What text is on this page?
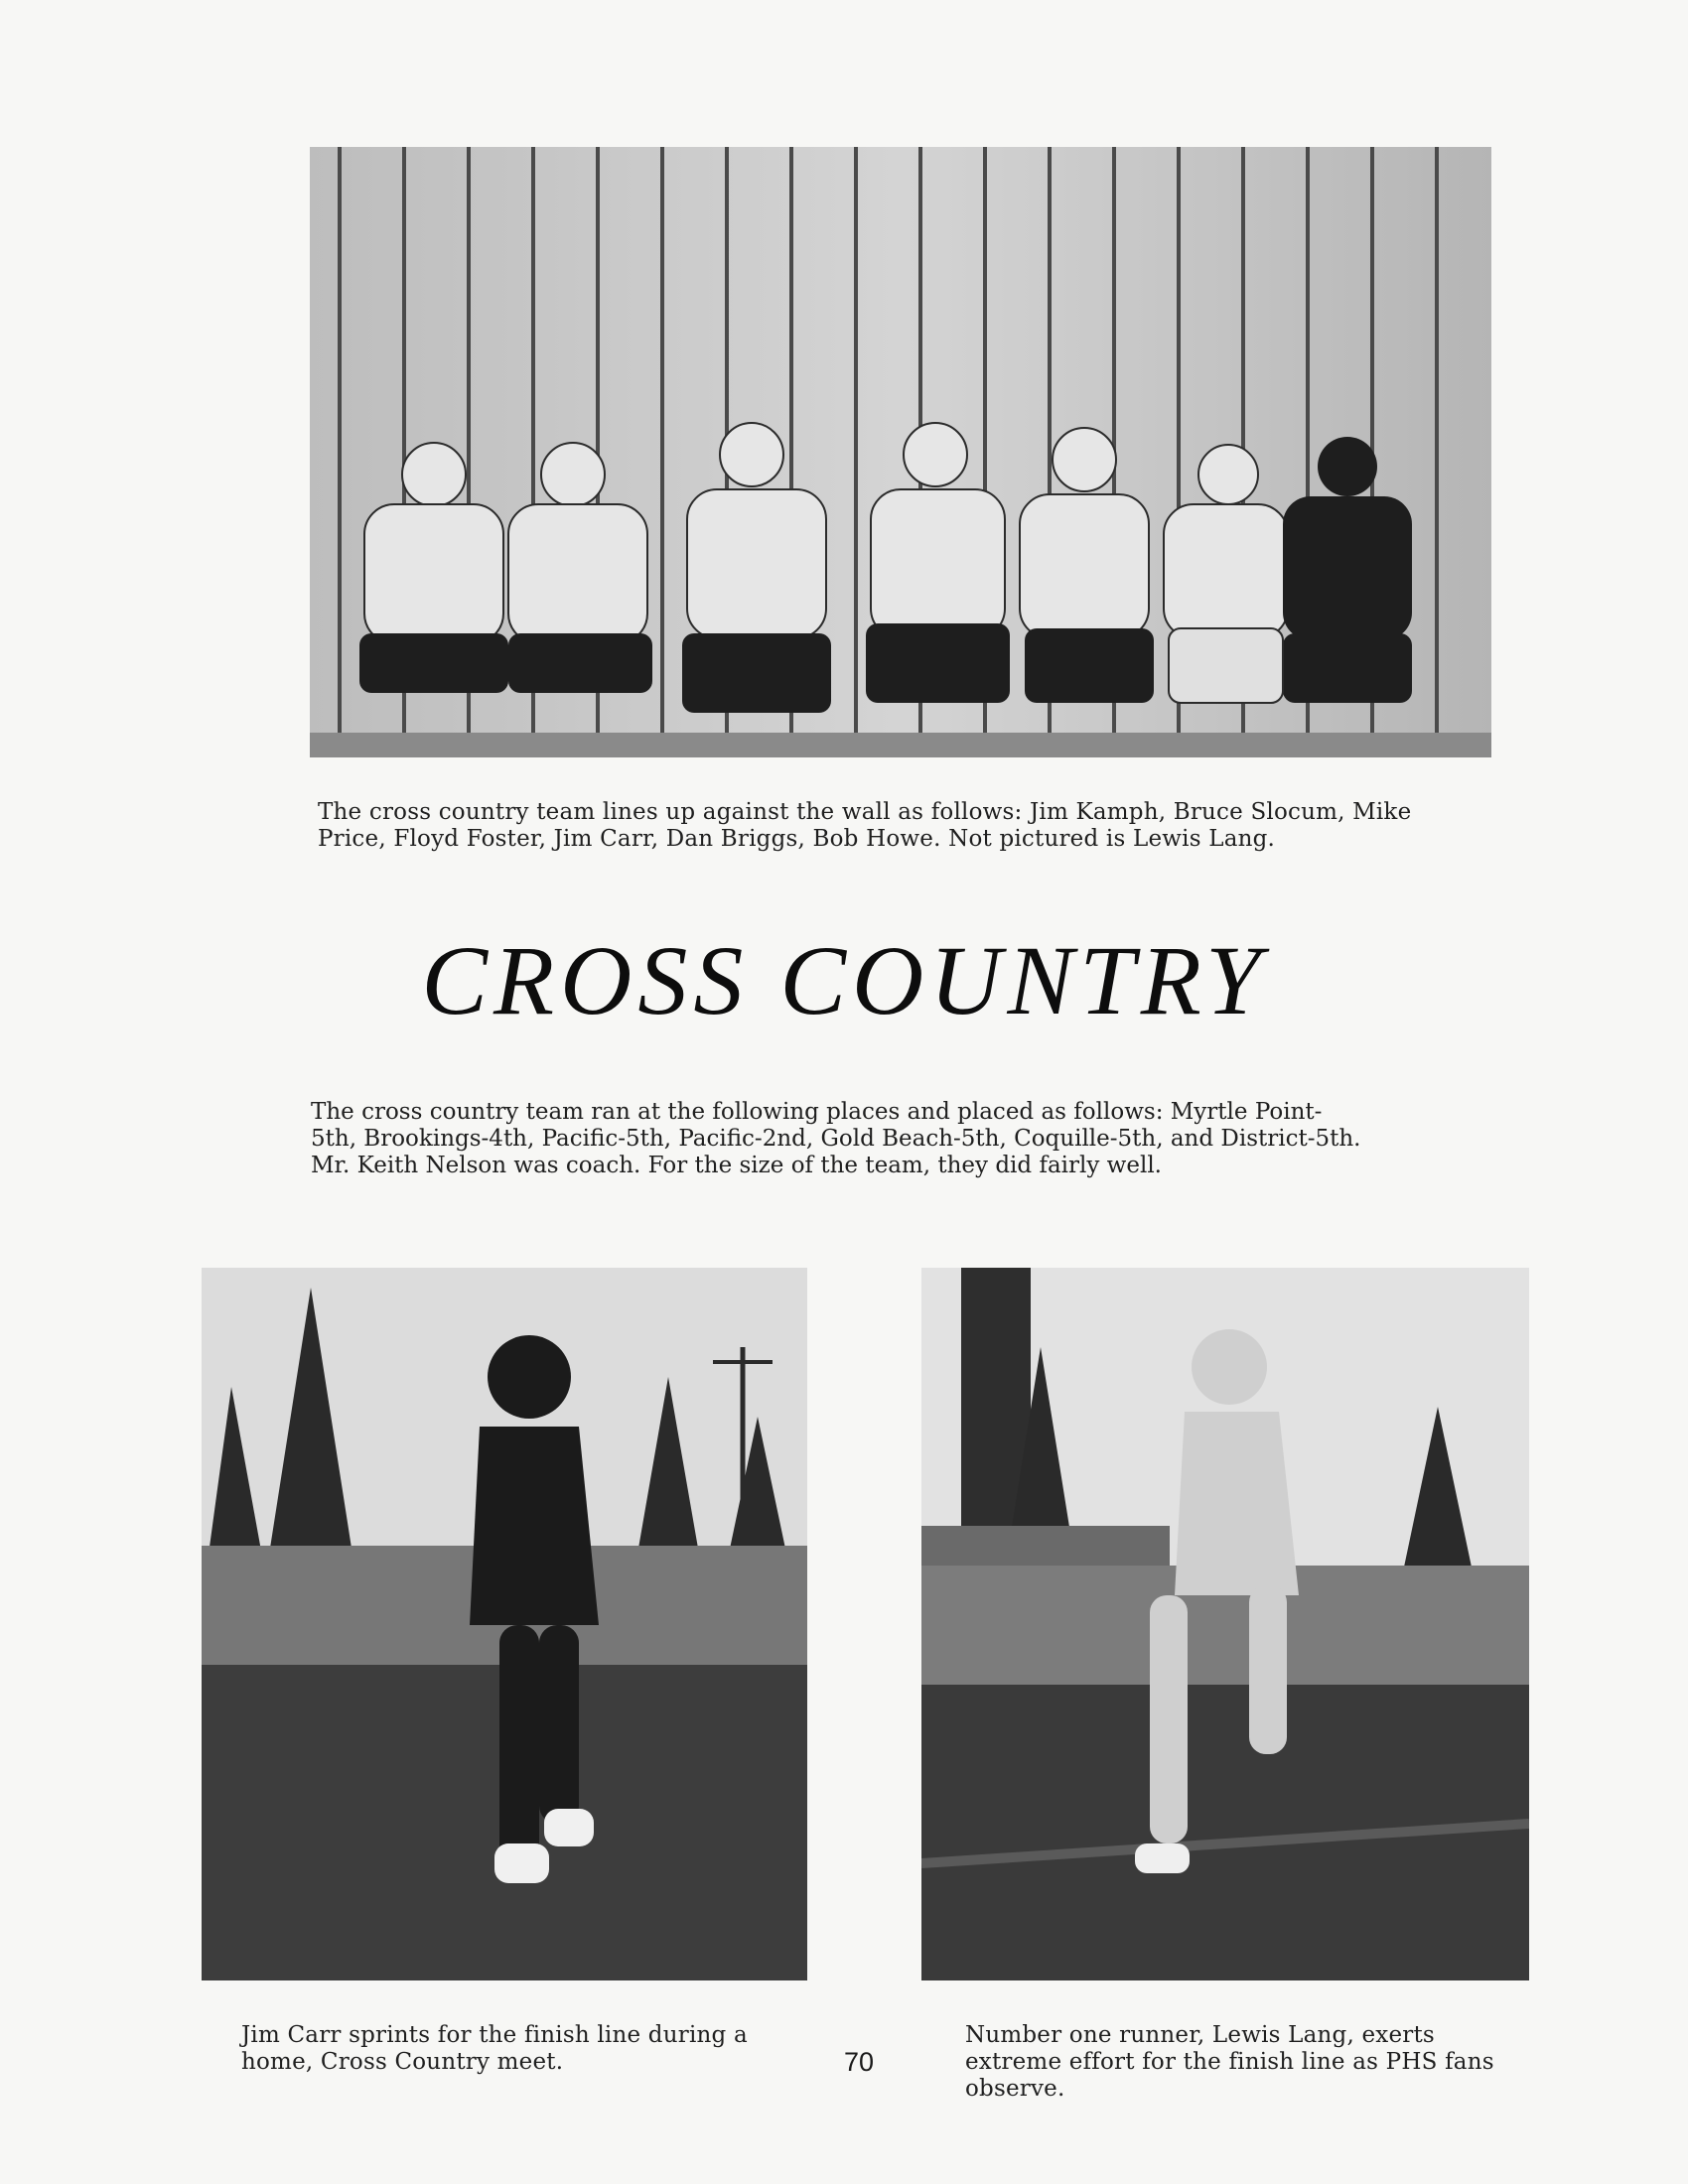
The cross country team lines up against the wall as follows: Jim Kamph, Bruce Slocum, Mike Price, Floyd Foster, Jim Carr, Dan Briggs, Bob Howe. Not pictured is Lewis Lang.
CROSS COUNTRY
The cross country team ran at the following places and placed as follows: Myrtle Point-5th, Brookings-4th, Pacific-5th, Pacific-2nd, Gold Beach-5th, Coquille-5th, and District-5th. Mr. Keith Nelson was coach. For the size of the team, they did fairly well.
Jim Carr sprints for the finish line during a home, Cross Country meet.	70
Number one runner, Lewis Lang, exerts extreme effort for the finish line as PHS fans observe.
